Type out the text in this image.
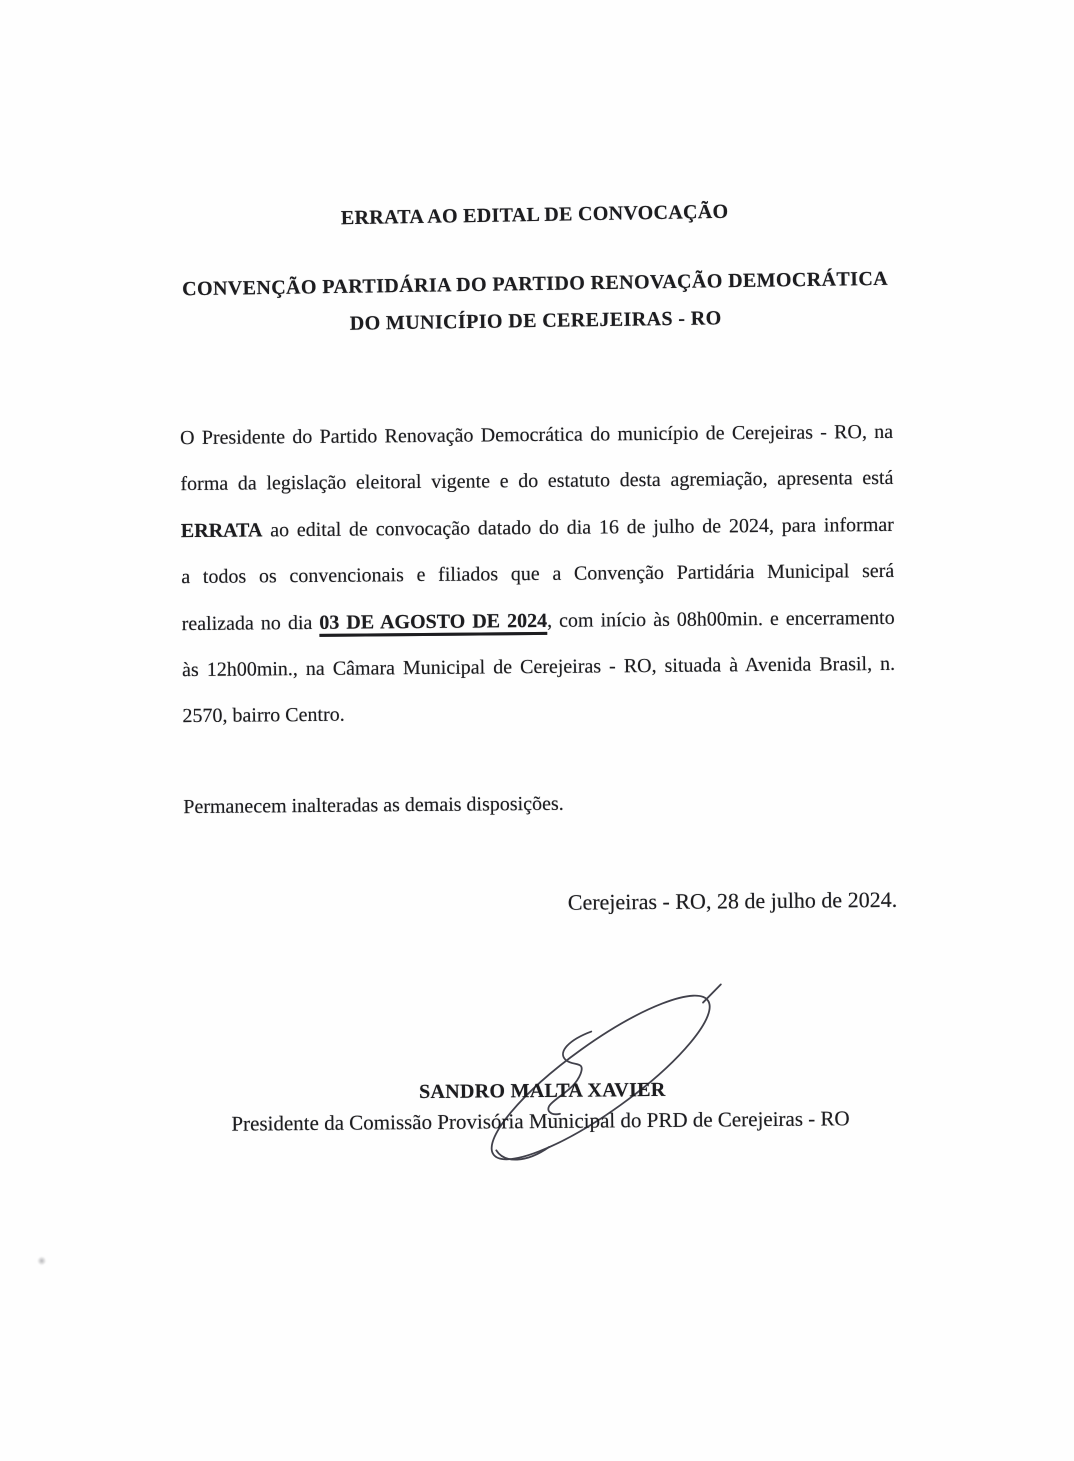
ERRATA AO EDITAL DE CONVOCAÇÃO
CONVENÇÃO PARTIDÁRIA DO PARTIDO RENOVAÇÃO DEMOCRÁTICA
DO MUNICÍPIO DE CEREJEIRAS - RO
O Presidente do Partido Renovação Democrática do município de Cerejeiras - RO, na
forma da legislação eleitoral vigente e do estatuto desta agremiação, apresenta está
ERRATA ao edital de convocação datado do dia 16 de julho de 2024, para informar
a todos os convencionais e filiados que a Convenção Partidária Municipal será
realizada no dia 03 DE AGOSTO DE 2024, com início às 08h00min. e encerramento
às 12h00min., na Câmara Municipal de Cerejeiras - RO, situada à Avenida Brasil, n.
2570, bairro Centro.
Permanecem inalteradas as demais disposições.
Cerejeiras - RO, 28 de julho de 2024.
SANDRO MALTA XAVIER
Presidente da Comissão Provisória Municipal do PRD de Cerejeiras - RO
